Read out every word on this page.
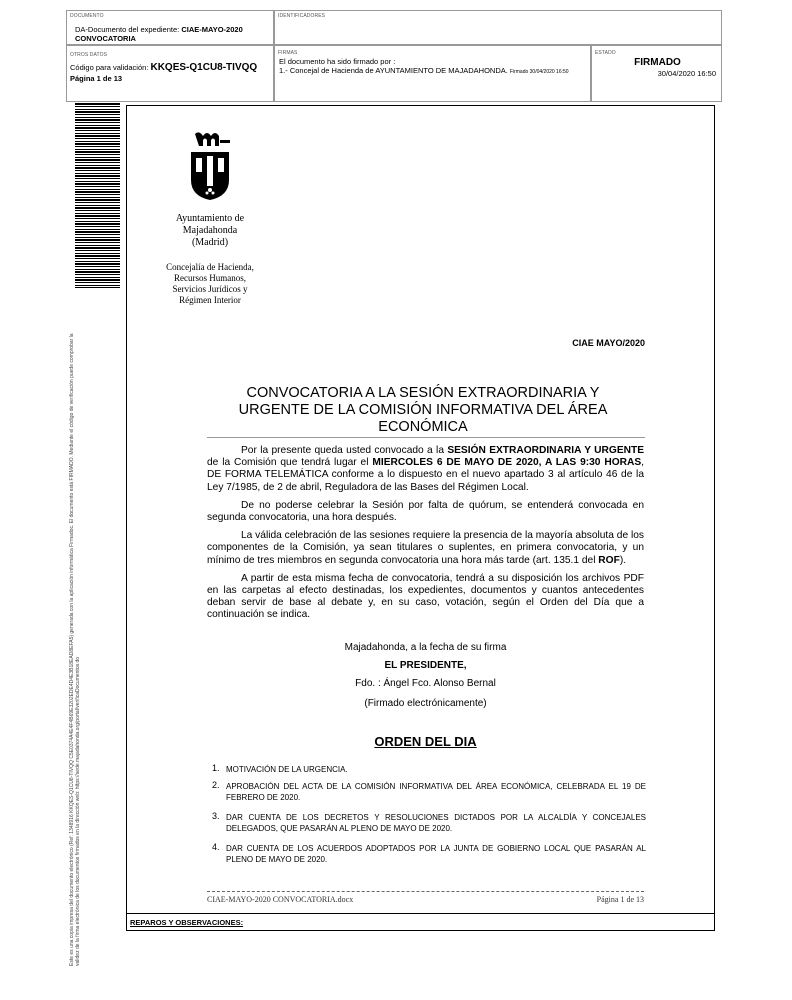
DOCUMENTO
DA-Documento del expediente: CIAE-MAYO-2020
CONVOCATORIA
IDENTIFICADORES
OTROS DATOS
Código para validación: KKQES-Q1CU8-TIVQQ
Página 1 de 13
FIRMAS
El documento ha sido firmado por :
1.- Concejal de Hacienda de AYUNTAMIENTO DE MAJADAHONDA. Firmado 30/04/2020 16:50
ESTADO
FIRMADO
30/04/2020 16:50
Este es una copia impresa del documento electrónico (Ref: 1348916 KKQES-Q1CU8-TIVQQ C5E0374A4E4F4B69E3202EDE4D4E3B18EAD8EFA5) generada con la aplicación informática Firmadoc. El documento está FIRMADO. Mediante el código de verificación puede comprobar la validez de la firma electrónica de los documentos firmados en la dirección web: https://sede.majadahonda.org/portal/verificaDocumentos.do
Ayuntamiento de
Majadahonda
(Madrid)
Concejalía de Hacienda,
Recursos Humanos,
Servicios Jurídicos y
Régimen Interior
CIAE MAYO/2020
CONVOCATORIA A LA SESIÓN EXTRAORDINARIA Y URGENTE DE LA COMISIÓN INFORMATIVA DEL ÁREA ECONÓMICA

Por la presente queda usted convocado a la SESIÓN EXTRAORDINARIA Y URGENTE de la Comisión que tendrá lugar el MIERCOLES 6 DE MAYO DE 2020, A LAS 9:30 HORAS, DE FORMA TELEMÁTICA conforme a lo dispuesto en el nuevo apartado 3 al artículo 46 de la Ley 7/1985, de 2 de abril, Reguladora de las Bases del Régimen Local.

De no poderse celebrar la Sesión por falta de quórum, se entenderá convocada en segunda convocatoria, una hora después.

La válida celebración de las sesiones requiere la presencia de la mayoría absoluta de los componentes de la Comisión, ya sean titulares o suplentes, en primera convocatoria, y un mínimo de tres miembros en segunda convocatoria una hora más tarde (art. 135.1 del ROF).

A partir de esta misma fecha de convocatoria, tendrá a su disposición los archivos PDF en las carpetas al efecto destinadas, los expedientes, documentos y cuantos antecedentes deban servir de base al debate y, en su caso, votación, según el Orden del Día que a continuación se indica.

Majadahonda, a la fecha de su firma
EL PRESIDENTE,
Fdo. : Ángel Fco. Alonso Bernal
(Firmado electrónicamente)
ORDEN DEL DIA
1. MOTIVACIÓN DE LA URGENCIA.
2. APROBACIÓN DEL ACTA DE LA COMISIÓN INFORMATIVA DEL ÁREA ECONÓMICA, CELEBRADA EL 19 DE FEBRERO DE 2020.
3. DAR CUENTA DE LOS DECRETOS Y RESOLUCIONES DICTADOS POR LA ALCALDÍA Y CONCEJALES DELEGADOS, QUE PASARÁN AL PLENO DE MAYO DE 2020.
4. DAR CUENTA DE LOS ACUERDOS ADOPTADOS POR LA JUNTA DE GOBIERNO LOCAL QUE PASARÁN AL PLENO DE MAYO DE 2020.
CIAE-MAYO-2020 CONVOCATORIA.docx	Página 1 de 13
REPAROS Y OBSERVACIONES:
